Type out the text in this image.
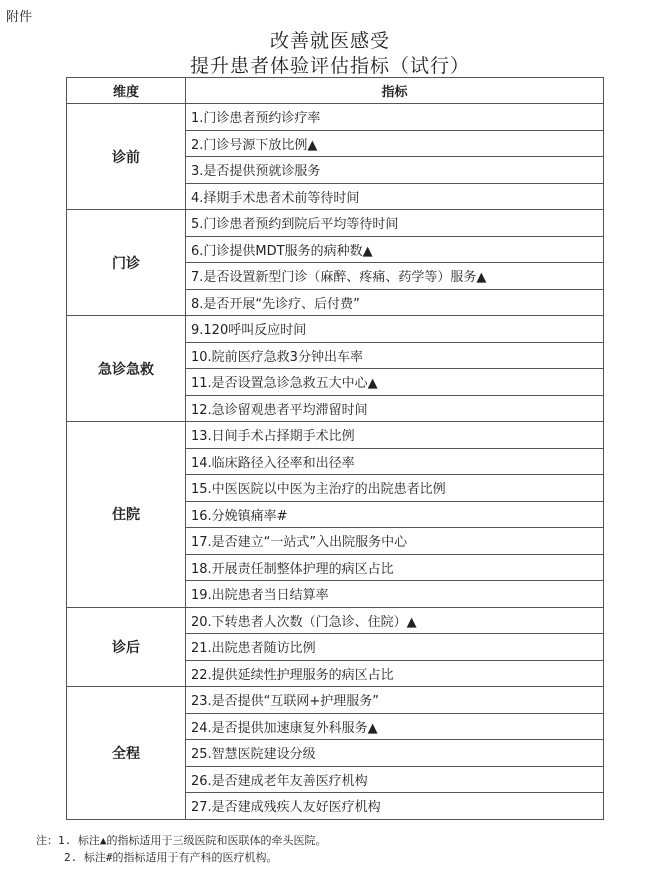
附件
改善就医感受
提升患者体验评估指标（试行）
维度	指标
诊前	1.门诊患者预约诊疗率
	2.门诊号源下放比例▲
	3.是否提供预就诊服务
	4.择期手术患者术前等待时间
门诊	5.门诊患者预约到院后平均等待时间
	6.门诊提供MDT服务的病种数▲
	7.是否设置新型门诊（麻醉、疼痛、药学等）服务▲
	8.是否开展“先诊疗、后付费”
急诊急救	9.120呼叫反应时间
	10.院前医疗急救3分钟出车率
	11.是否设置急诊急救五大中心▲
	12.急诊留观患者平均滞留时间
住院	13.日间手术占择期手术比例
	14.临床路径入径率和出径率
	15.中医医院以中医为主治疗的出院患者比例
	16.分娩镇痛率#
	17.是否建立“一站式”入出院服务中心
	18.开展责任制整体护理的病区占比
	19.出院患者当日结算率
诊后	20.下转患者人次数（门急诊、住院）▲
	21.出院患者随访比例
	22.提供延续性护理服务的病区占比
全程	23.是否提供“互联网+护理服务”
	24.是否提供加速康复外科服务▲
	25.智慧医院建设分级
	26.是否建成老年友善医疗机构
	27.是否建成残疾人友好医疗机构
注：1. 标注▲的指标适用于三级医院和医联体的牵头医院。
2. 标注#的指标适用于有产科的医疗机构。
